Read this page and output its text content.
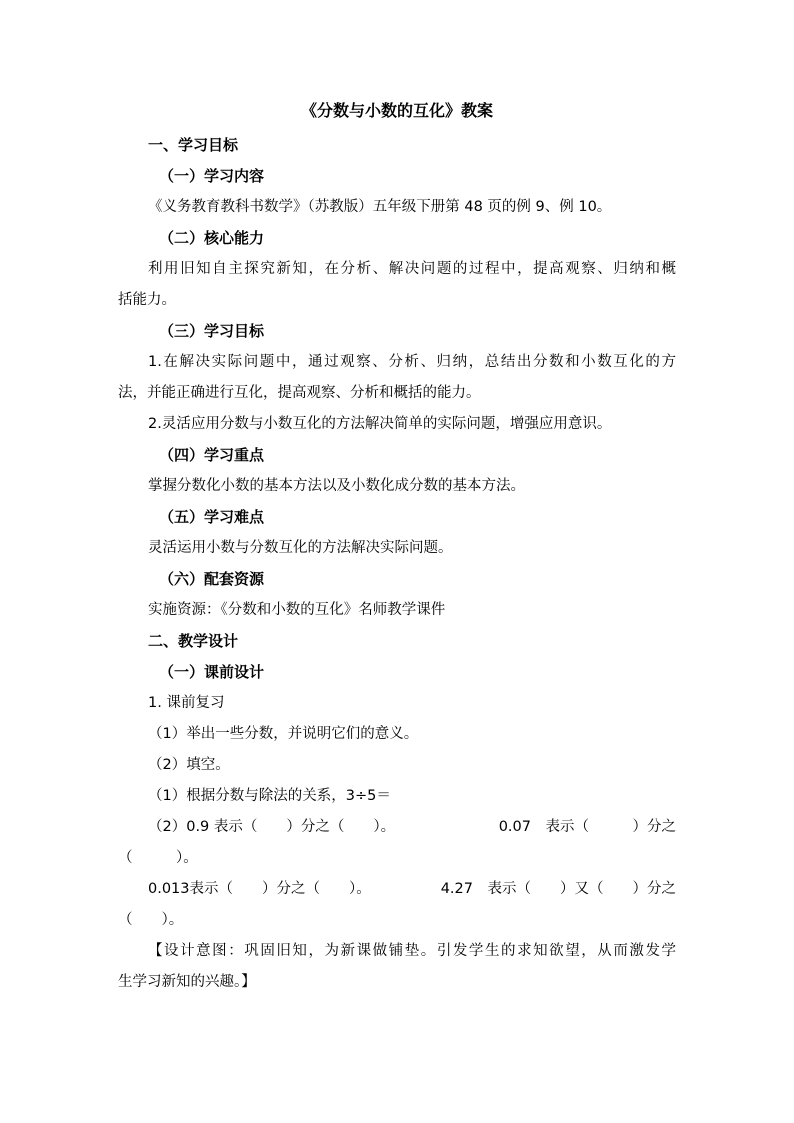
《分数与小数的互化》教案
一、学习目标
（一）学习内容
《义务教育教科书数学》（苏教版）五年级下册第 48 页的例 9、例 10。
（二）核心能力
利用旧知自主探究新知，在分析、解决问题的过程中，提高观察、归纳和概
括能力。
（三）学习目标
1.在解决实际问题中，通过观察、分析、归纳，总结出分数和小数互化的方
法，并能正确进行互化，提高观察、分析和概括的能力。
2.灵活应用分数与小数互化的方法解决简单的实际问题，增强应用意识。
（四）学习重点
掌握分数化小数的基本方法以及小数化成分数的基本方法。
（五）学习难点
灵活运用小数与分数互化的方法解决实际问题。
（六）配套资源
实施资源：《分数和小数的互化》名师教学课件
二、教学设计
（一）课前设计
1. 课前复习
（1）举出一些分数，并说明它们的意义。
（2）填空。
（1）根据分数与除法的关系，3÷5＝
（2）0.9 表示（　　）分之（　　）。	0.07　表示（　　　）分之
（　　　）。
0.013表示（　　）分之（　　）。	4.27　表示（　　）又（　　）分之
（　　）。
【设计意图：巩固旧知，为新课做铺垫。引发学生的求知欲望，从而激发学
生学习新知的兴趣。】
